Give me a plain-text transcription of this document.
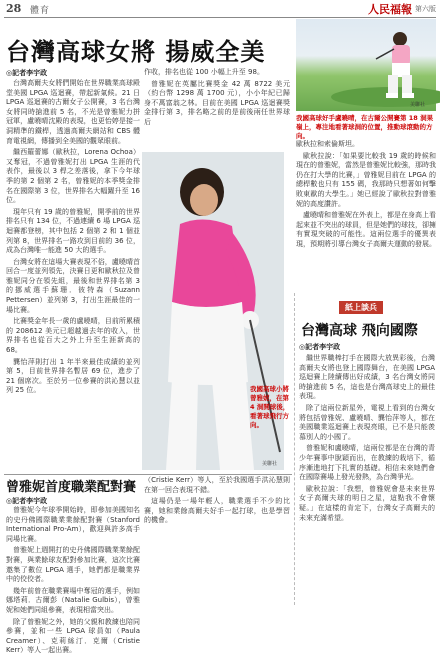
28 體育	人民福報 第六版
台灣高球女將 揚威全美
我國高球好手盧曉晴，在古爾公開賽第 18 洞果嶺上，專注地看著球洞的位置，推動球滾動的方向。
美聯社
◎記者李宇政

台灣高爾夫女將們開始在世界職業高球殿堂美國 LPGA 巡迴賽，帶起新氣候。21 日 LPGA 巡迴賽的古爾女子公開賽，3 名台灣女將同時搶進前 5 名，不光是曾雅妮力拼冠軍，盧曉晴沈殿的表現，也更怡婷是接一洞精準的鐵桿，透過高爾夫網站和 CBS 體育電視網，傳播到全美國的觀眾眼前。

繼西羅蕾娜（歐秋拉，Lorena Ochoa）又奪冠，不過曾雅妮打出 LPGA 生涯的代表作，最後以 3 桿之差落後，拿下今年球季的第 2 個第 2 名，曾雅妮的本季獎金排名在國際第 3 位，世界排名大幅躍升至 16 位。

現年只有 19 歲的曾雅妮，開季前的世界排名只有 134 位，不過連續 6 場 LPGA 巡迴賽都登榜，其中包括 2 個第 2 和 1 個並列第 8，世界排名一路攻到目前的 36 位，成為台灣唯一能進 50 大的選手。

台灣女將在這場大賽表現不俗，盧曉晴首回合一度並列領先，決賽日更和歐秋拉及曾雅妮同分在領先組，最後和世界排名第 3 的挪威選手蘇珊．彼特森（Suzann Pettersen）並列第 3，打出生涯最佳的一場比賽。

比賽獎金年長一歲的盧曉晴，目前所累積的 208612 美元已超越過去年的收入，世界排名也從百大之外上升至生涯新高的 68。

龔怡萍則打出 1 年半來最佳成績的並列第 5，目前世界排名暫居 69 位，進步了 21 個席次。至於另一位參賽的洪沁慧以並列 25 位。

作收，排名也從 100 小幅上升至 98。

曾雅妮在英屬比賽獎金 42 萬 8722 美元（約台幣 1298 萬 1700 元），小小年紀已歸身不萬富翁之林。目前在美國 LPGA 巡迴賽獎金排行第 3，排名略之前的是前後兩任世界球后

我國高球小將曾雅妮，在第 4 洞開球後，看著球飛行方向。
美聯社

歐秋拉和索倫斯坦。

歐秋拉說：「如果要比較我 19 歲的時候和現在的曾雅妮，當然是曾雅妮比較強，那時我仍在打大學的比賽，」曾雅妮目前在 LPGA 的總桿數也只有 155 碼，我那時只想著如何擊敗東歐的大學生。」她已經說了歐秋拉對曾雅妮的高度讚許。

盧曉晴和曾雅妮在外表上，都是在身高上看起來並不突出的球員，但是她們的球技，卻擁有實現突破的可能性。這兩位選手的優異表現，預期將引導台灣女子高爾夫運動的發展。

曾雅妮首度職業配對賽
◎記者李宇政

曾雅妮今年球季開始時，即參加美國知名的史丹佛國際職業業餘配對賽（Stanford International Pro-Am），歡迎與許多高手同場比賽。

曾雅妮上週開打的史丹佛國際職業業餘配對賽，與業餘球友配對參加比賽，這次比賽邀集了數位 LPGA 選手，她們都是職業界中的佼佼者。

幾年前曾在職業賽場中奪冠的選手，例如娜塔莉．古爾彭（Natalie Gulbis），曾雅妮和她們同組參賽，表現相當突出。

除了曾雅妮之外，她的父親和教練也陪同參賽，並和一些 LPGA 球員如（Paula Creamer）、克莉絲汀．克爾（Cristie Kerr）等人一起出賽。

（Cristie Kerr）等人，至於我國選手洪沁慧則在第一回合表現不錯。

這場仍是一場年輕人，職業選手不少的比賽，她和業餘高爾夫好手一起打球，也是學習的機會。

紙上談兵
台灣高球 飛向國際
◎記者李宇政

繼世界職棒打手在國際大放異彩後，台灣高爾夫女將也登上國際舞台，在美國 LPGA 巡迴賽上陸續傳出好成績，3 名台灣女將同時搶進前 5 名，這也是台灣高球史上的最佳表現。

除了這兩位新星外，電視上看到的台灣女將包括曾雅妮、盧曉晴、龔怡萍等人，都在美國職業巡迴賽上表現亮眼，已不是只能羨慕別人的小國了。

曾雅妮和盧曉晴，這兩位都是在台灣的青少年賽事中脫穎而出，在教練的栽培下，循序漸進地打下扎實的基礎。相信未來她們會在國際賽場上發光發熱，為台灣爭光。

歐秋拉說：「我想，曾雅妮會是未來世界女子高爾夫球的明日之星，這點我不會懷疑。」在這樣的肯定下，台灣女子高爾夫的未來充滿希望。
